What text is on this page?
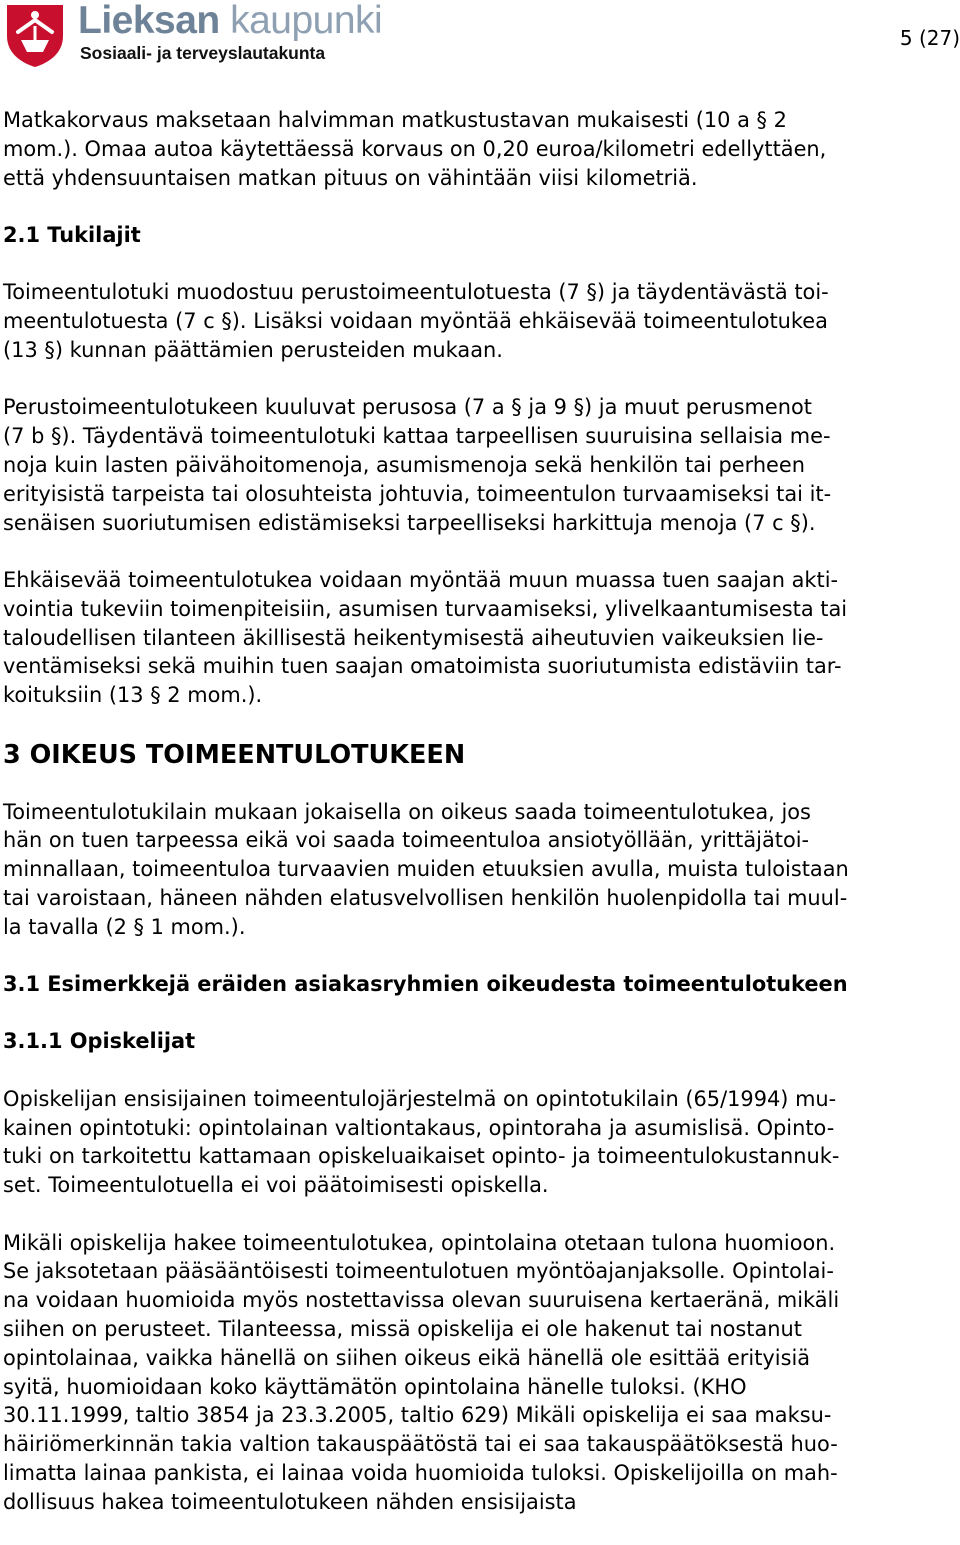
Lieksan kaupunki
Sosiaali- ja terveyslautakunta
5 (27)
Matkakorvaus maksetaan halvimman matkustustavan mukaisesti (10 a § 2
mom.). Omaa autoa käytettäessä korvaus on 0,20 euroa/kilometri edellyttäen,
että yhdensuuntaisen matkan pituus on vähintään viisi kilometriä.
2.1 Tukilajit
Toimeentulotuki muodostuu perustoimeentulotuesta (7 §) ja täydentävästä toi-
meentulotuesta (7 c §). Lisäksi voidaan myöntää ehkäisevää toimeentulotukea
(13 §) kunnan päättämien perusteiden mukaan.
Perustoimeentulotukeen kuuluvat perusosa (7 a § ja 9 §) ja muut perusmenot
(7 b §). Täydentävä toimeentulotuki kattaa tarpeellisen suuruisina sellaisia me-
noja kuin lasten päivähoitomenoja, asumismenoja sekä henkilön tai perheen
erityisistä tarpeista tai olosuhteista johtuvia, toimeentulon turvaamiseksi tai it-
senäisen suoriutumisen edistämiseksi tarpeelliseksi harkittuja menoja (7 c §).
Ehkäisevää toimeentulotukea voidaan myöntää muun muassa tuen saajan akti-
vointia tukeviin toimenpiteisiin, asumisen turvaamiseksi, ylivelkaantumisesta tai
taloudellisen tilanteen äkillisestä heikentymisestä aiheutuvien vaikeuksien lie-
ventämiseksi sekä muihin tuen saajan omatoimista suoriutumista edistäviin tar-
koituksiin (13 § 2 mom.).
3 OIKEUS TOIMEENTULOTUKEEN
Toimeentulotukilain mukaan jokaisella on oikeus saada toimeentulotukea, jos
hän on tuen tarpeessa eikä voi saada toimeentuloa ansiotyöllään, yrittäjätoi-
minnallaan, toimeentuloa turvaavien muiden etuuksien avulla, muista tuloistaan
tai varoistaan, häneen nähden elatusvelvollisen henkilön huolenpidolla tai muul-
la tavalla (2 § 1 mom.).
3.1 Esimerkkejä eräiden asiakasryhmien oikeudesta toimeentulotukeen
3.1.1 Opiskelijat
Opiskelijan ensisijainen toimeentulojärjestelmä on opintotukilain (65/1994) mu-
kainen opintotuki: opintolainan valtiontakaus, opintoraha ja asumislisä. Opinto-
tuki on tarkoitettu kattamaan opiskeluaikaiset opinto- ja toimeentulokustannuk-
set. Toimeentulotuella ei voi päätoimisesti opiskella.
Mikäli opiskelija hakee toimeentulotukea, opintolaina otetaan tulona huomioon.
Se jaksotetaan pääsääntöisesti toimeentulotuen myöntöajanjaksolle. Opintolai-
na voidaan huomioida myös nostettavissa olevan suuruisena kertaeränä, mikäli
siihen on perusteet. Tilanteessa, missä opiskelija ei ole hakenut tai nostanut
opintolainaa, vaikka hänellä on siihen oikeus eikä hänellä ole esittää erityisiä
syitä, huomioidaan koko käyttämätön opintolaina hänelle tuloksi. (KHO
30.11.1999, taltio 3854 ja 23.3.2005, taltio 629) Mikäli opiskelija ei saa maksu-
häiriömerkinnän takia valtion takauspäätöstä tai ei saa takauspäätöksestä huo-
limatta lainaa pankista, ei lainaa voida huomioida tuloksi. Opiskelijoilla on mah-
dollisuus hakea toimeentulotukeen nähden ensisijaista
